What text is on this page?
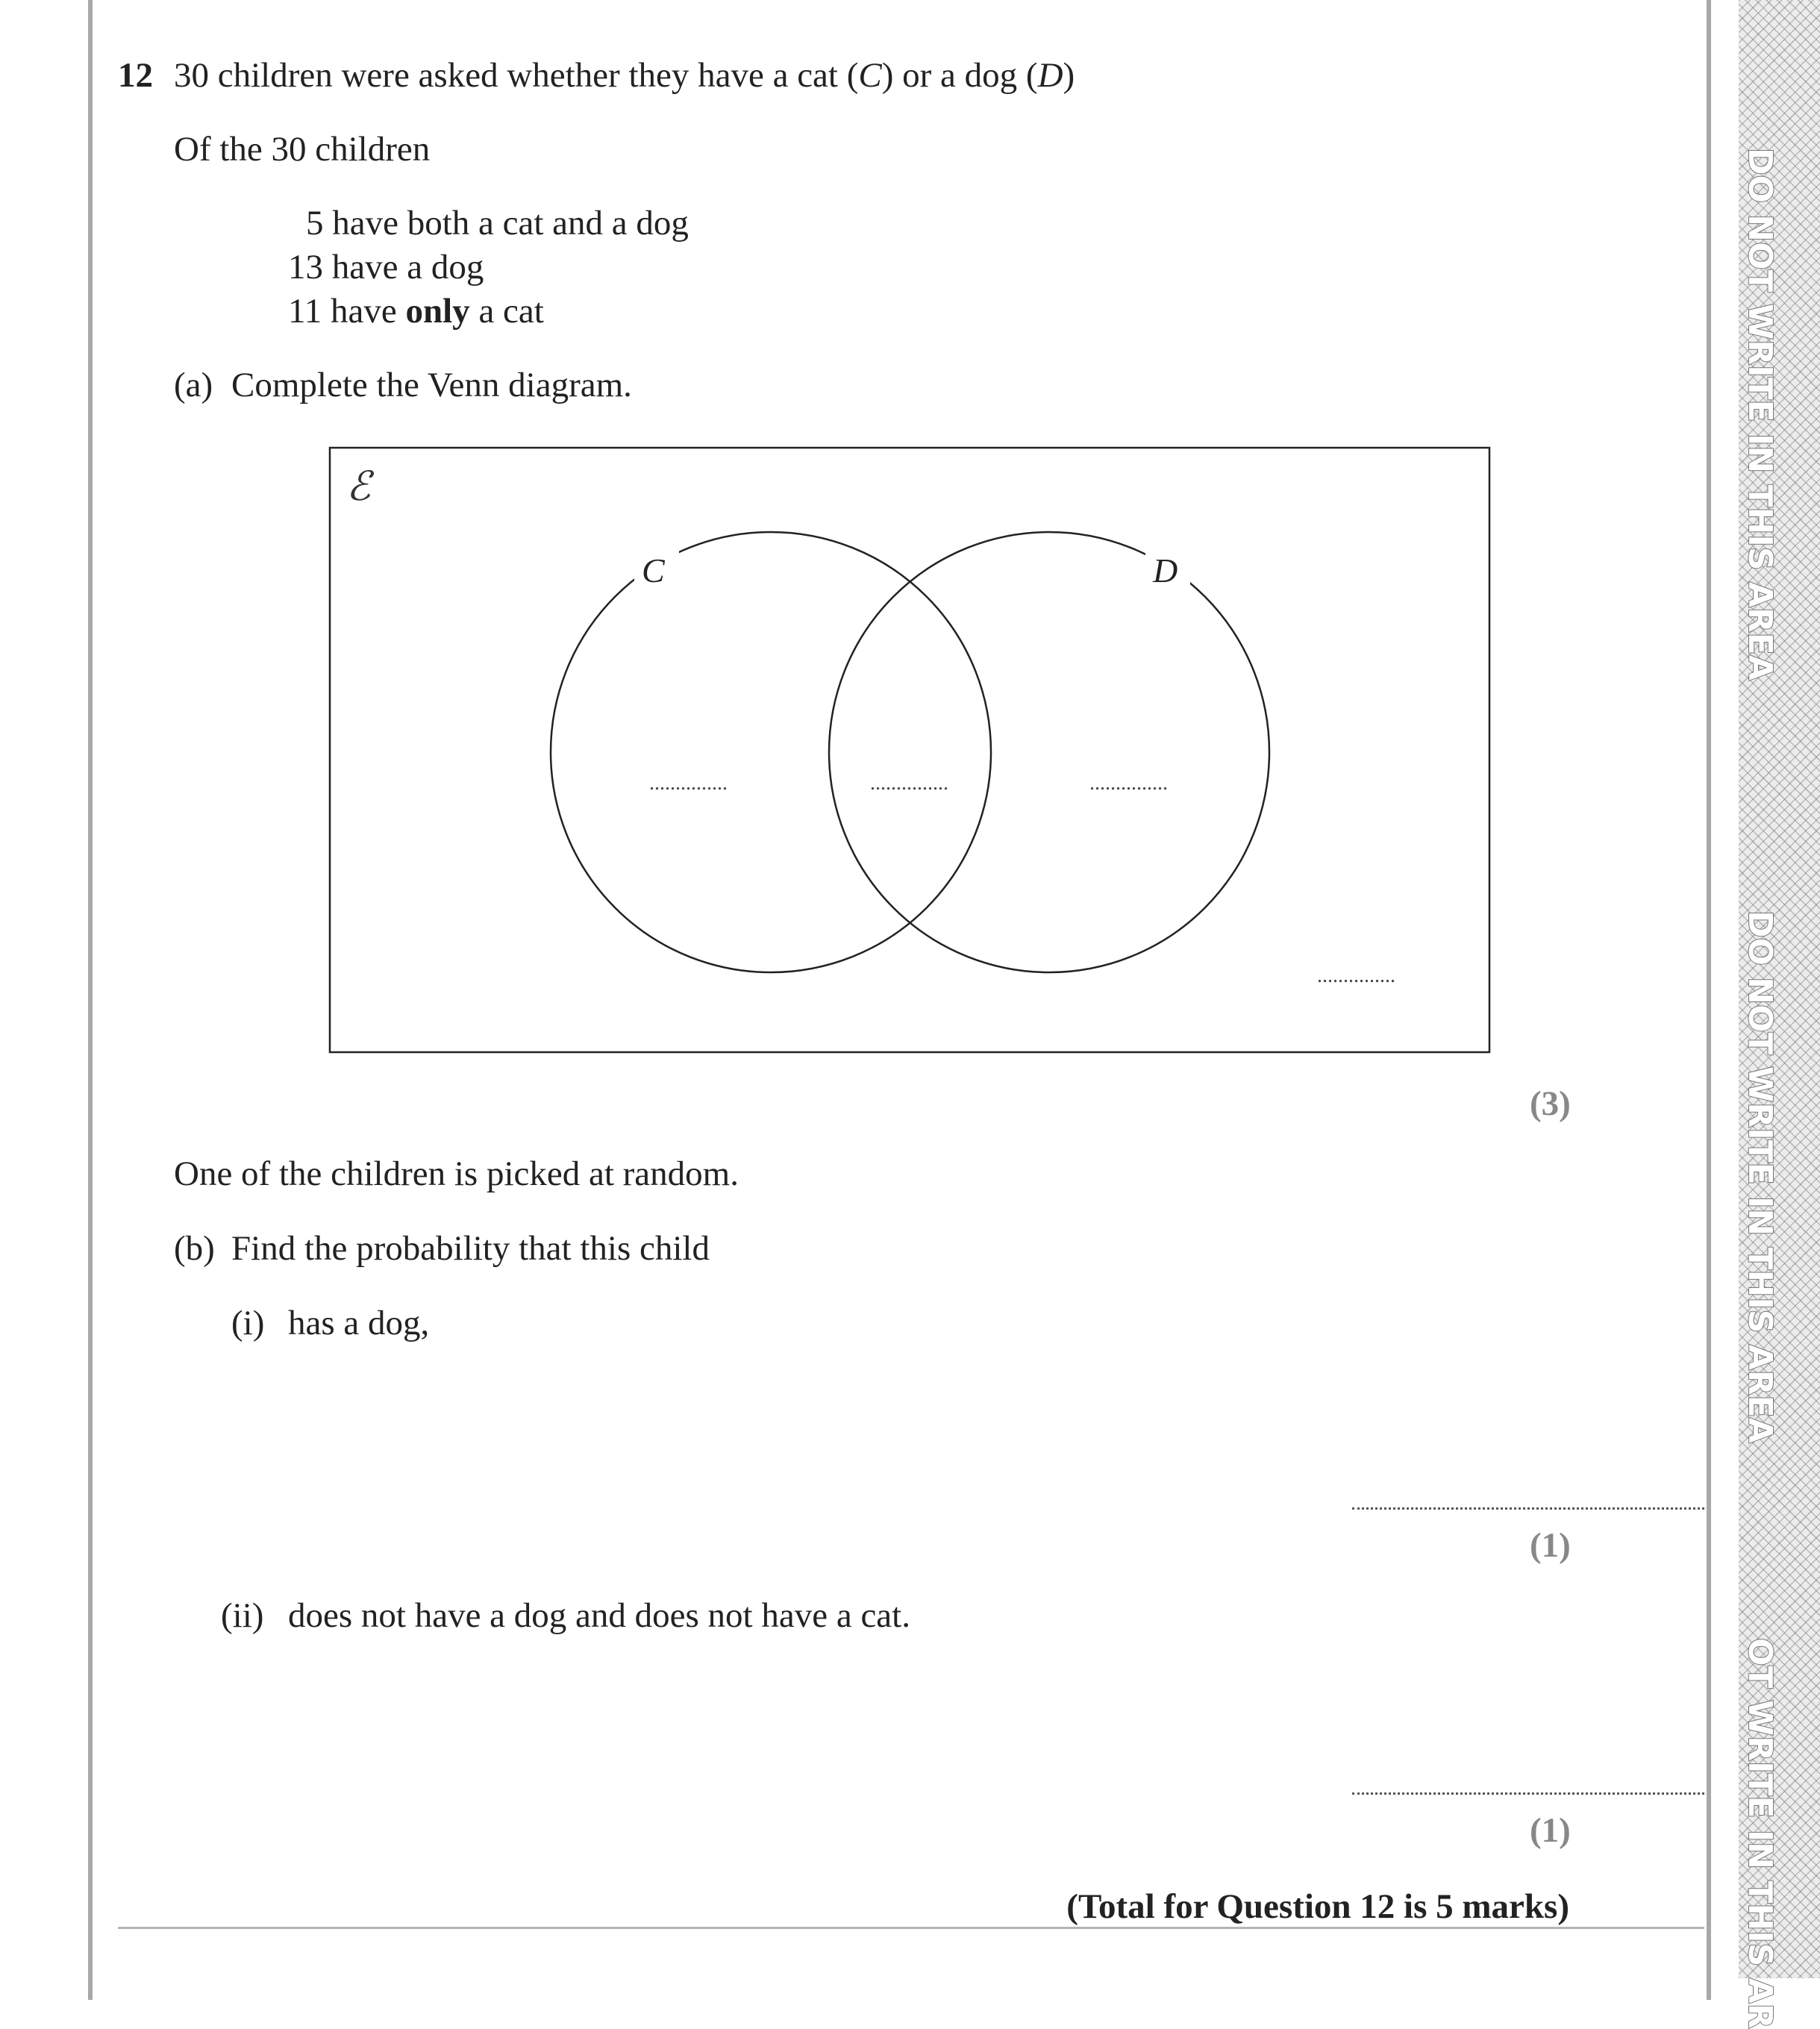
DO NOT WRITE IN THIS AREA
DO NOT WRITE IN THIS AREA
OT WRITE IN THIS AR
12 30 children were asked whether they have a cat (C) or a dog (D)
Of the 30 children
5 have both a cat and a dog
13 have a dog
11 have only a cat
(a) Complete the Venn diagram.
ℰ
C	D
...............	...............	...............
...............
(3)
One of the children is picked at random.
(b) Find the probability that this child
(i) has a dog,
(1)
(ii) does not have a dog and does not have a cat.
(1)
(Total for Question 12 is 5 marks)
